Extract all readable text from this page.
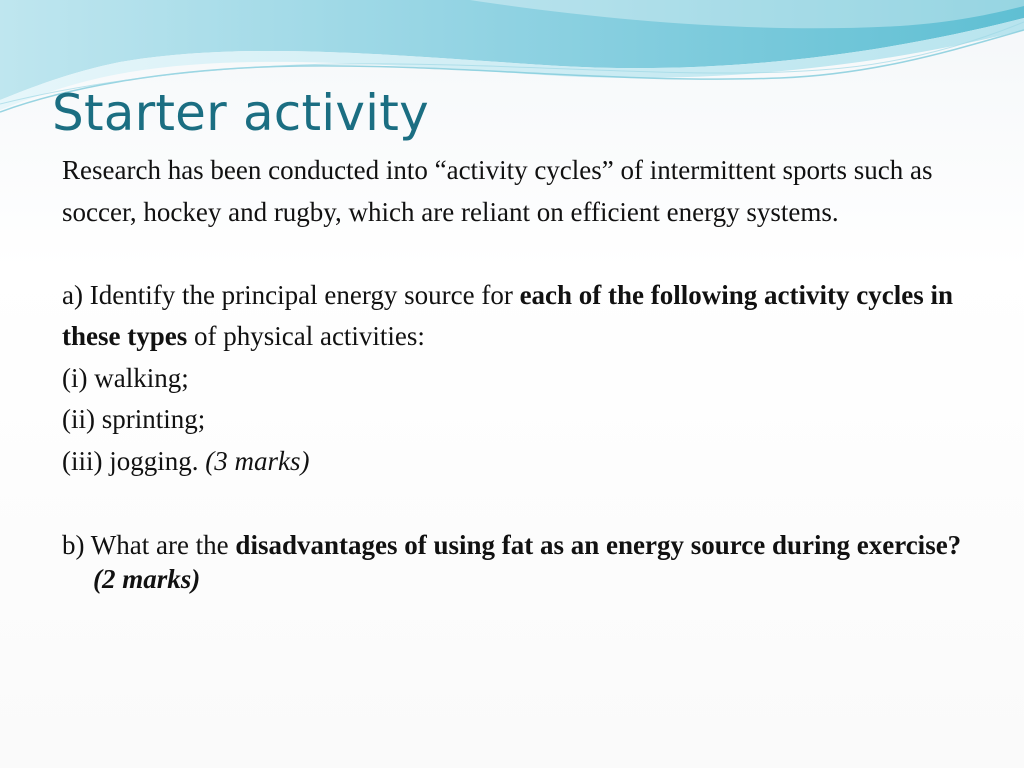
Starter activity

Research has been conducted into “activity cycles” of intermittent sports such as soccer, hockey and rugby, which are reliant on efficient energy systems.

a) Identify the principal energy source for each of the following activity cycles in these types of physical activities:

(i) walking;

(ii) sprinting;

(iii) jogging. (3 marks)

b) What are the disadvantages of using fat as an energy source during exercise? (2 marks)
